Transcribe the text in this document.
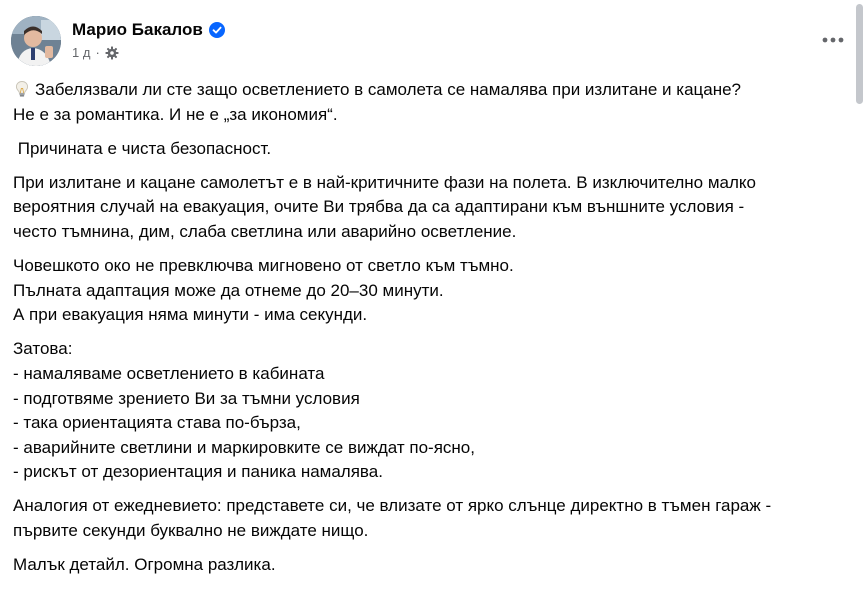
Марио Бакалов
1 д ·

Забелязвали ли сте защо осветлението в самолета се намалява при излитане и кацане?
Не е за романтика. И не е „за икономия“.

Причината е чиста безопасност.

При излитане и кацане самолетът е в най-критичните фази на полета. В изключително малко
вероятния случай на евакуация, очите Ви трябва да са адаптирани към външните условия -
често тъмнина, дим, слаба светлина или аварийно осветление.

Човешкото око не превключва мигновено от светло към тъмно.
Пълната адаптация може да отнеме до 20–30 минути.
А при евакуация няма минути - има секунди.

Затова:
- намаляваме осветлението в кабината
- подготвяме зрението Ви за тъмни условия
- така ориентацията става по-бърза,
- аварийните светлини и маркировките се виждат по-ясно,
- рискът от дезориентация и паника намалява.

Аналогия от ежедневието: представете си, че влизате от ярко слънце директно в тъмен гараж -
първите секунди буквално не виждате нищо.

Малък детайл. Огромна разлика.
